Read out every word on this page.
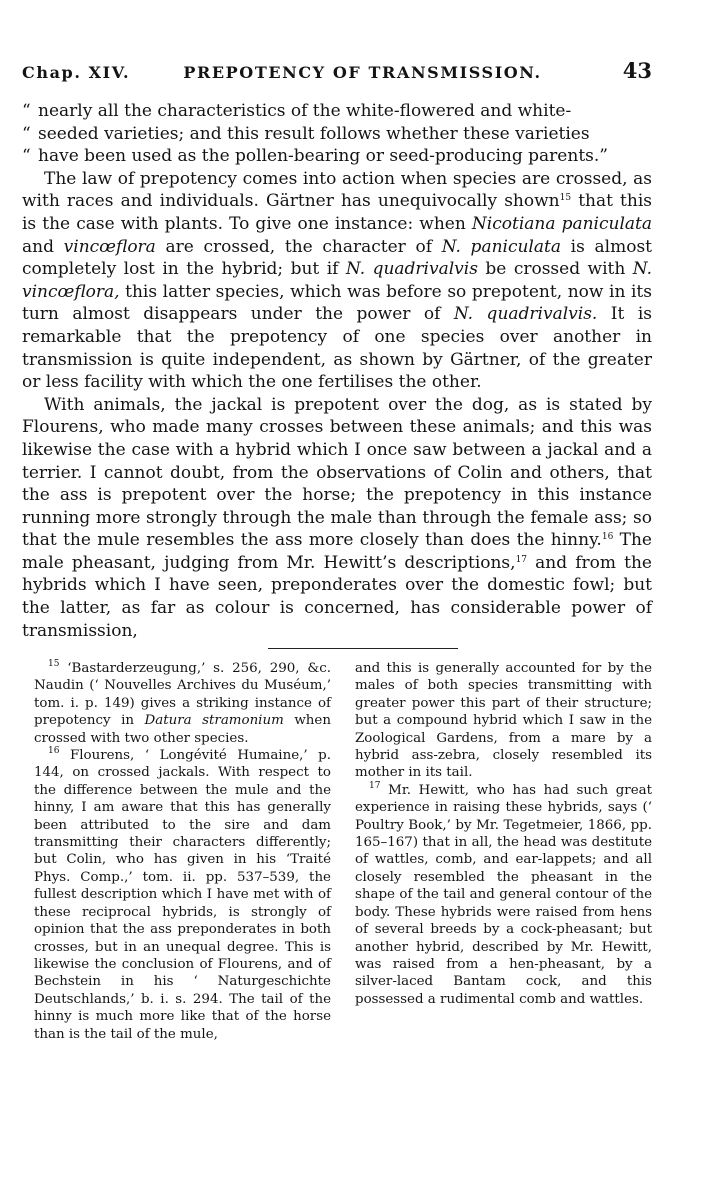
Chap. XIV.	PREPOTENCY OF TRANSMISSION.	43

“ nearly all the characteristics of the white-flowered and white-
“ seeded varieties; and this result follows whether these varieties
“ have been used as the pollen-bearing or seed-producing parents.”

The law of prepotency comes into action when species are crossed, as with races and individuals. Gärtner has unequivocally shown$^{15}$ that this is the case with plants. To give one instance: when Nicotiana paniculata and vincœflora are crossed, the character of N. paniculata is almost completely lost in the hybrid; but if N. quadrivalvis be crossed with N. vincœflora, this latter species, which was before so prepotent, now in its turn almost disappears under the power of N. quadrivalvis. It is remarkable that the prepotency of one species over another in transmission is quite independent, as shown by Gärtner, of the greater or less facility with which the one fertilises the other.

With animals, the jackal is prepotent over the dog, as is stated by Flourens, who made many crosses between these animals; and this was likewise the case with a hybrid which I once saw between a jackal and a terrier. I cannot doubt, from the observations of Colin and others, that the ass is prepotent over the horse; the prepotency in this instance running more strongly through the male than through the female ass; so that the mule resembles the ass more closely than does the hinny.$^{16}$ The male pheasant, judging from Mr. Hewitt’s descriptions,$^{17}$ and from the hybrids which I have seen, preponderates over the domestic fowl; but the latter, as far as colour is concerned, has considerable power of transmission,

$^{15}$ ‘Bastarderzeugung,’ s. 256, 290, &c. Naudin (‘ Nouvelles Archives du Muséum,’ tom. i. p. 149) gives a striking instance of prepotency in Datura stramonium when crossed with two other species.

$^{16}$ Flourens, ‘ Longévité Humaine,’ p. 144, on crossed jackals. With respect to the difference between the mule and the hinny, I am aware that this has generally been attributed to the sire and dam transmitting their characters differently; but Colin, who has given in his ‘Traité Phys. Comp.,’ tom. ii. pp. 537–539, the fullest description which I have met with of these reciprocal hybrids, is strongly of opinion that the ass preponderates in both crosses, but in an unequal degree. This is likewise the conclusion of Flourens, and of Bechstein in his ‘ Naturgeschichte Deutschlands,’ b. i. s. 294. The tail of the hinny is much more like that of the horse than is the tail of the mule,

and this is generally accounted for by the males of both species transmitting with greater power this part of their structure; but a compound hybrid which I saw in the Zoological Gardens, from a mare by a hybrid ass-zebra, closely resembled its mother in its tail.

$^{17}$ Mr. Hewitt, who has had such great experience in raising these hybrids, says (‘ Poultry Book,’ by Mr. Tegetmeier, 1866, pp. 165–167) that in all, the head was destitute of wattles, comb, and ear-lappets; and all closely resembled the pheasant in the shape of the tail and general contour of the body. These hybrids were raised from hens of several breeds by a cock-pheasant; but another hybrid, described by Mr. Hewitt, was raised from a hen-pheasant, by a silver-laced Bantam cock, and this possessed a rudimental comb and wattles.
